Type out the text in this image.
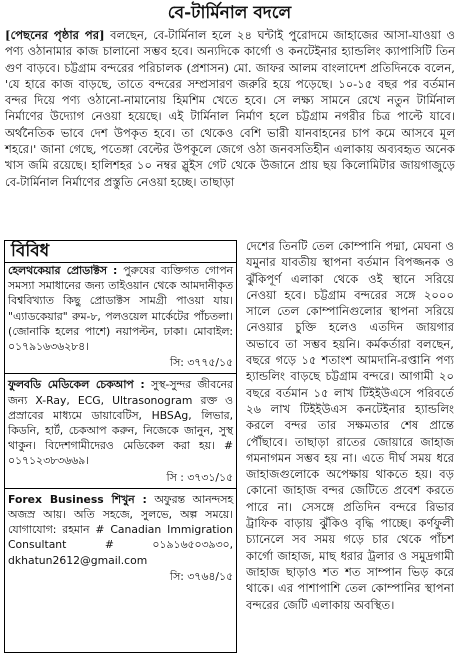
বে-টার্মিনাল বদলে

[পেছনের পৃষ্ঠার পর] বলছেন, বে-টার্মিনাল হলে ২৪ ঘন্টাই পুরোদমে জাহাজের আসা-যাওয়া ও পণ্য ওঠানামার কাজ চালানো সম্ভব হবে। অন্যদিকে কার্গো ও কনটেইনার হ্যান্ডলিং ক্যাপাসিটি তিন গুণ বাড়বে। চট্টগ্রাম বন্দরের পরিচালক (প্রশাসন) মো. জাফর আলম বাংলাদেশ প্রতিদিনকে বলেন, 'যে হারে কাজ বাড়ছে, তাতে বন্দরের সম্প্রসারণ জরুরি হয়ে পড়েছে। ১০-১৫ বছর পর বর্তমান বন্দর দিয়ে পণ্য ওঠানো-নামানোয় হিমশিম খেতে হবে। সে লক্ষ্য সামনে রেখে নতুন টার্মিনাল নির্মাণের উদ্যোগ নেওয়া হয়েছে। এই টার্মিনাল নির্মাণ হলে চট্টগ্রাম নগরীর চিত্র পাল্টে যাবে। অর্থনৈতিক ভাবে দেশ উপকৃত হবে। তা থেকেও বেশি ভারী যানবাহনের চাপ কমে আসবে মূল শহরে।' জানা গেছে, পতেঙ্গা বেল্টের উপকূলে জেগে ওঠা জনবসতিহীন এলাকায় অব্যবহৃত অনেক খাস জমি রয়েছে। হালিশহর ১০ নম্বর স্লুইস গেট থেকে উজানে প্রায় ছয় কিলোমিটার জায়গাজুড়ে বে-টার্মিনাল নির্মাণের প্রস্তুতি নেওয়া হচ্ছে। তাছাড়া

বিবিধ
হেলথকেয়ার প্রোডাক্টস : পুরুষের ব্যক্তিগত গোপন সমস্যা সমাধানের জন্য তাইওয়ান থেকে আমদানীকৃত বিশ্ববিখ্যাত কিছু প্রোডাক্টস সামগ্রী পাওয়া যায়। "এ্যাডকেয়ার" রুম-৮, পলওয়েল মার্কেটের পাঁচতলা। (জোনাকি হলের পাশে) নয়াপল্টন, ঢাকা। মোবাইল: ০১৭৯১৬৩৬২৮৪।
সি: ৩৭৭৫/১৫
ফুলবডি মেডিকেল চেকআপ : সুস্থ-সুন্দর জীবনের জন্য X-Ray, ECG, Ultrasonogram রক্ত ও প্রস্রাবের মাধ্যমে ডায়াবেটিস, HBSAg, লিভার, কিডনি, হার্ট, চেকআপ করুন, নিজেকে জানুন, সুস্থ থাকুন। বিদেশগামীদেরও মেডিকেল করা হয়। # ০১৭১২৩৮৩৬৬৯।
সি : ৩৭৩১/১৫
Forex Business শিখুন : অফুরন্ত আনন্দসহ অজস্র আয়। অতি সহজে, সুলভে, অল্প সময়ে। যোগাযোগ: রহমান # Canadian Immigration Consultant # ০১৯১৬৫০৩৯৩০, dkhatun2612@gmail.com
সি: ৩৭৬৪/১৫

দেশের তিনটি তেল কোম্পানি পদ্মা, মেঘনা ও যমুনার যাবতীয় স্থাপনা বর্তমান বিপজ্জনক ও ঝুঁকিপূর্ণ এলাকা থেকে ওই স্থানে সরিয়ে নেওয়া হবে। চট্টগ্রাম বন্দরের সঙ্গে ২০০০ সালে তেল কোম্পানিগুলোর স্থাপনা সরিয়ে নেওয়ার চুক্তি হলেও এতদিন জায়গার অভাবে তা সম্ভব হয়নি। কর্মকর্তারা বলছেন, বছরে গড়ে ১৫ শতাংশ আমদানি-রপ্তানি পণ্য হ্যান্ডলিং বাড়ছে চট্টগ্রাম বন্দরে। আগামী ২০ বছরে বর্তমান ১৫ লাখ টিইইউএসে পরিবর্তে ২৬ লাখ টিইইউএস কনটেইনার হ্যান্ডলিং করলে বন্দর তার সক্ষমতার শেষ প্রান্তে পৌঁছাবে। তাছাড়া রাতের জোয়ারে জাহাজ গমনাগমন সম্ভব হয় না। এতে দীর্ঘ সময় ধরে জাহাজগুলোকে অপেক্ষায় থাকতে হয়। বড় কোনো জাহাজ বন্দর জেটিতে প্রবেশ করতে পারে না। সেসঙ্গে প্রতিদিন বন্দরে রিভার ট্রাফিক বাড়ায় ঝুঁকিও বৃদ্ধি পাচ্ছে। কর্ণফুলী চ্যানেলে সব সময় গড়ে চার থেকে পাঁচশ কার্গো জাহাজ, মাছ ধরার ট্রলার ও সমুদ্রগামী জাহাজ ছাড়াও শত শত সাম্পান ভিড় করে থাকে। এর পাশাপাশি তেল কোম্পানির স্থাপনা বন্দরের জেটি এলাকায় অবস্থিত।
